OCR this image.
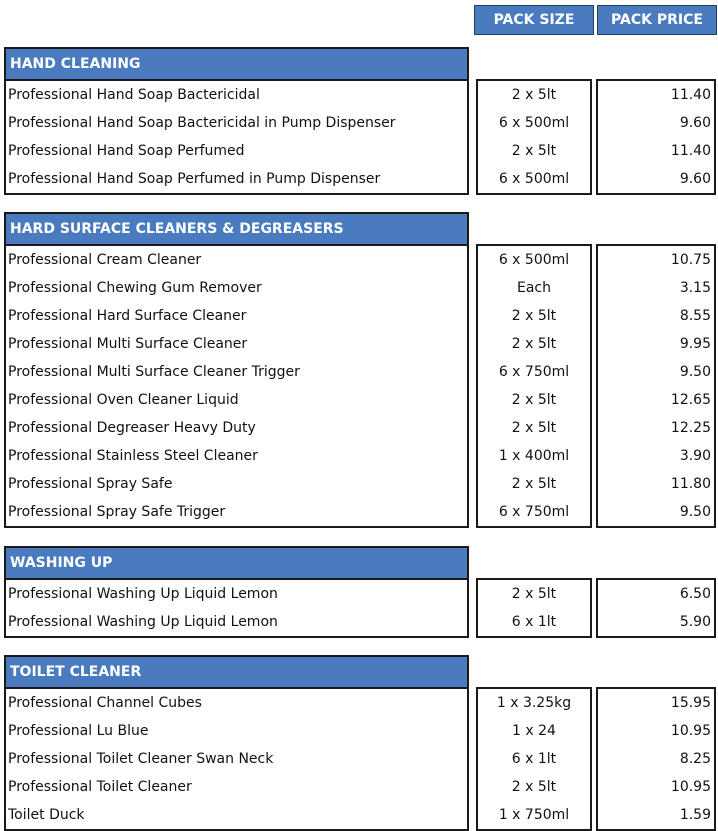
PACK SIZE	PACK PRICE
HAND CLEANING
Professional Hand Soap Bactericidal
Professional Hand Soap Bactericidal in Pump Dispenser
Professional Hand Soap Perfumed
Professional Hand Soap Perfumed in Pump Dispenser
2 x 5lt
6 x 500ml
2 x 5lt
6 x 500ml
11.40
9.60
11.40
9.60
HARD SURFACE CLEANERS & DEGREASERS
Professional Cream Cleaner
Professional Chewing Gum Remover
Professional Hard Surface Cleaner
Professional Multi Surface Cleaner
Professional Multi Surface Cleaner Trigger
Professional Oven Cleaner Liquid
Professional Degreaser Heavy Duty
Professional Stainless Steel Cleaner
Professional Spray Safe
Professional Spray Safe Trigger
6 x 500ml
Each
2 x 5lt
2 x 5lt
6 x 750ml
2 x 5lt
2 x 5lt
1 x 400ml
2 x 5lt
6 x 750ml
10.75
3.15
8.55
9.95
9.50
12.65
12.25
3.90
11.80
9.50
WASHING UP
Professional Washing Up Liquid Lemon
Professional Washing Up Liquid Lemon
2 x 5lt
6 x 1lt
6.50
5.90
TOILET CLEANER
Professional Channel Cubes
Professional Lu Blue
Professional Toilet Cleaner Swan Neck
Professional Toilet Cleaner
Toilet Duck
1 x 3.25kg
1 x 24
6 x 1lt
2 x 5lt
1 x 750ml
15.95
10.95
8.25
10.95
1.59
